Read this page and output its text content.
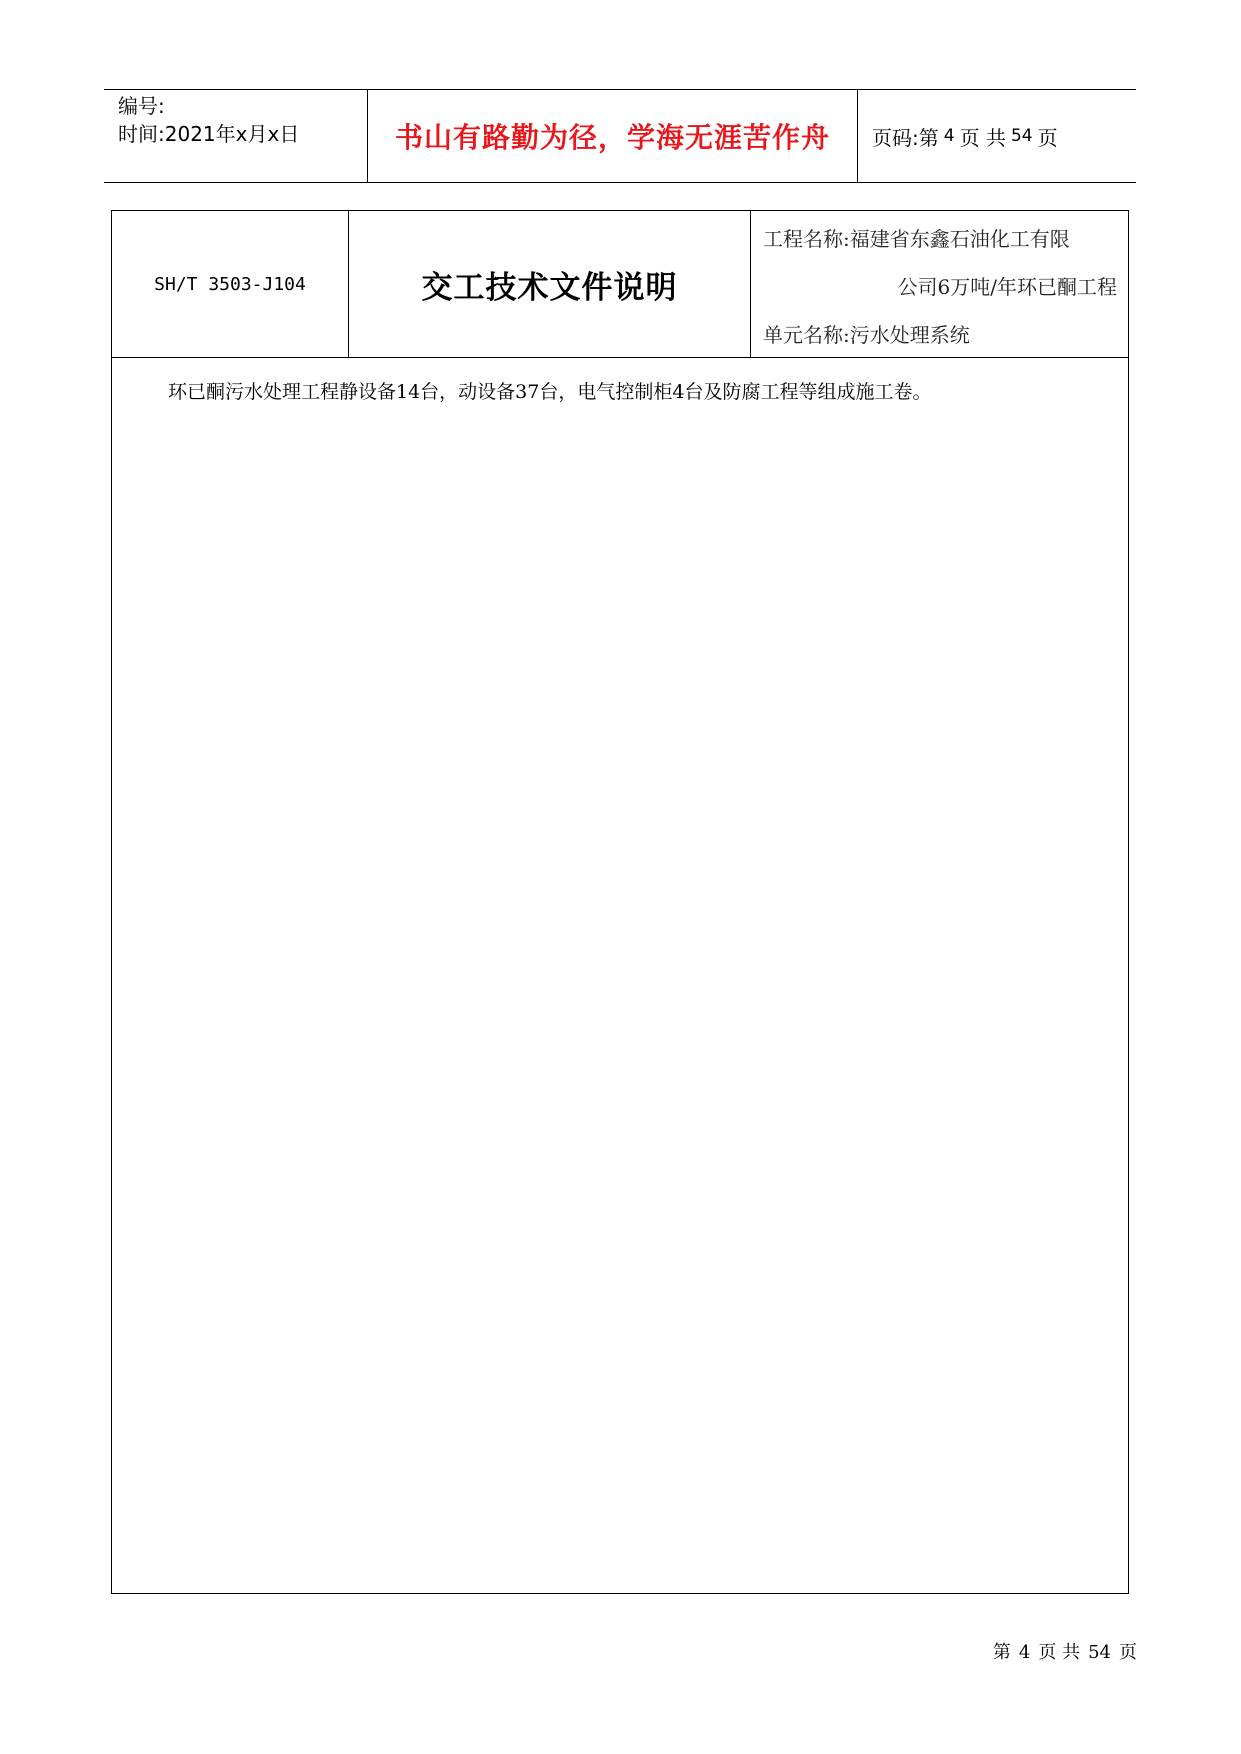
编号:
时间:2021年x月x日	书山有路勤为径，学海无涯苦作舟	页码:第 4 页 共 54 页
SH/T 3503-J104	交工技术文件说明
工程名称:福建省东鑫石油化工有限
公司6万吨/年环已酮工程
单元名称:污水处理系统
环已酮污水处理工程静设备14台，动设备37台，电气控制柜4台及防腐工程等组成施工卷。
第 4 页 共 54 页
